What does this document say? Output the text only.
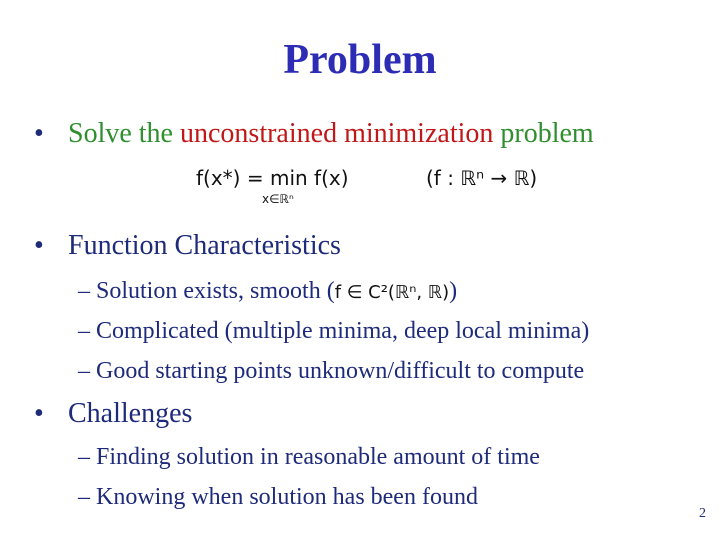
Problem
• Solve the unconstrained minimization problem
f(x*) = min f(x)
x∈ℝⁿ
(f : ℝⁿ → ℝ)
• Function Characteristics
– Solution exists, smooth (f ∈ C²(ℝⁿ, ℝ))
– Complicated (multiple minima, deep local minima)
– Good starting points unknown/difficult to compute
• Challenges
– Finding solution in reasonable amount of time
– Knowing when solution has been found
2
